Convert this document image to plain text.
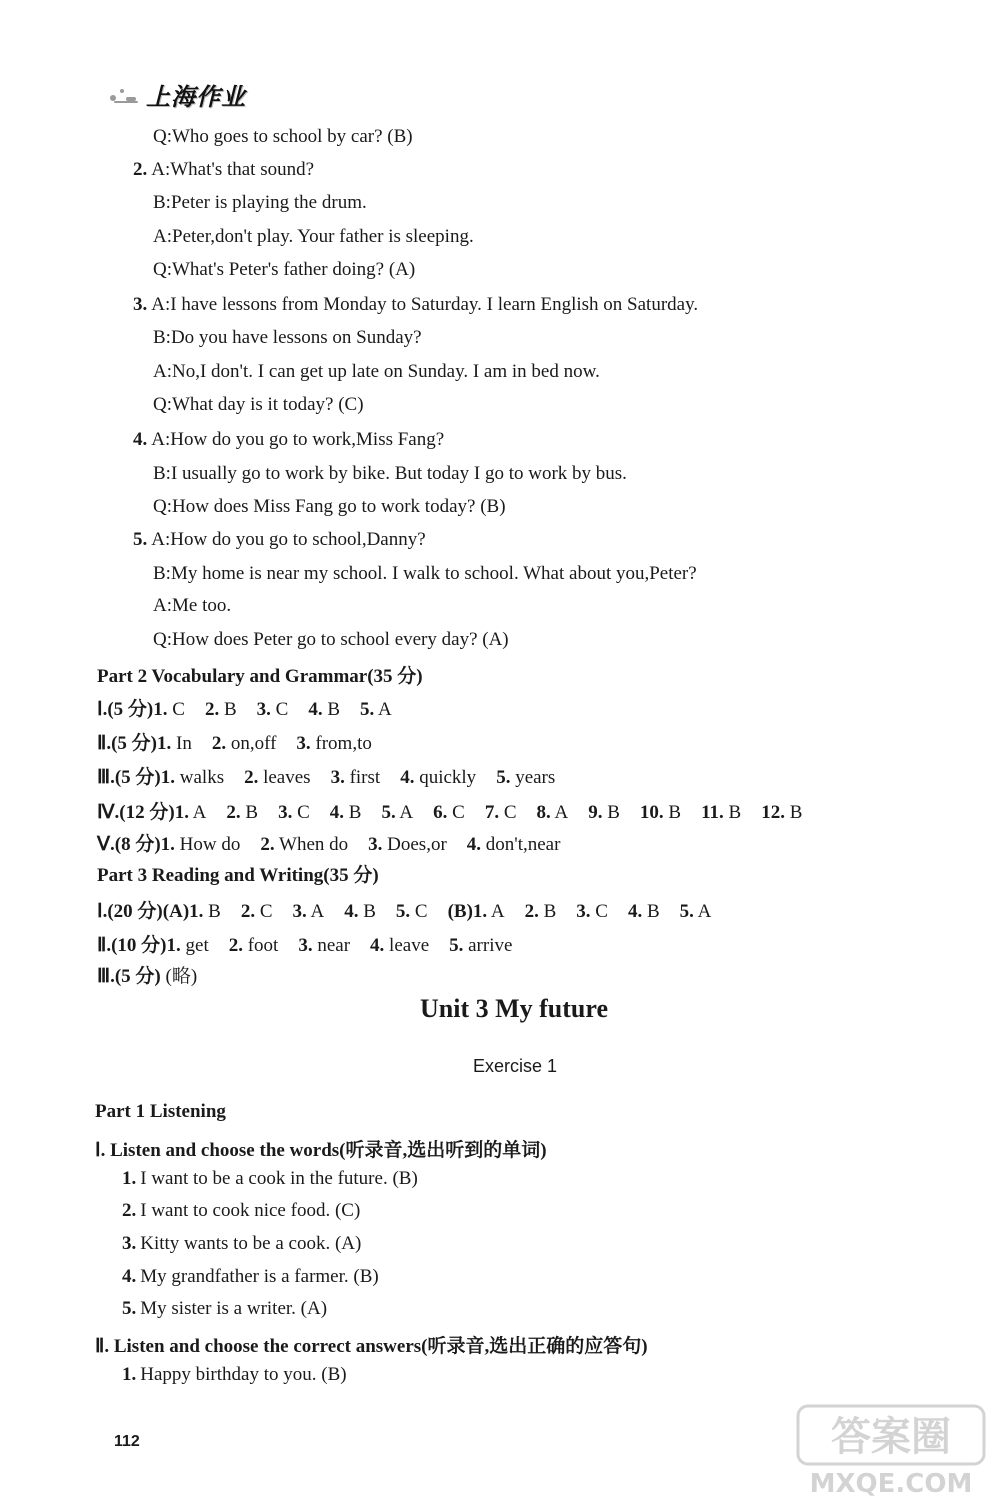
上海作业
Q:Who goes to school by car? (B)
2. A:What's that sound?
B:Peter is playing the drum.
A:Peter,don't play. Your father is sleeping.
Q:What's Peter's father doing? (A)
3. A:I have lessons from Monday to Saturday. I learn English on Saturday.
B:Do you have lessons on Sunday?
A:No,I don't. I can get up late on Sunday. I am in bed now.
Q:What day is it today? (C)
4. A:How do you go to work,Miss Fang?
B:I usually go to work by bike. But today I go to work by bus.
Q:How does Miss Fang go to work today? (B)
5. A:How do you go to school,Danny?
B:My home is near my school. I walk to school. What about you,Peter?
A:Me too.
Q:How does Peter go to school every day? (A)
Part 2 Vocabulary and Grammar(35 分)
Ⅰ.(5 分)1. C 2. B 3. C 4. B 5. A
Ⅱ.(5 分)1. In 2. on,off 3. from,to
Ⅲ.(5 分)1. walks 2. leaves 3. first 4. quickly 5. years
Ⅳ.(12 分)1. A 2. B 3. C 4. B 5. A 6. C 7. C 8. A 9. B 10. B 11. B 12. B
Ⅴ.(8 分)1. How do 2. When do 3. Does,or 4. don't,near
Part 3 Reading and Writing(35 分)
Ⅰ.(20 分)(A)1. B 2. C 3. A 4. B 5. C (B)1. A 2. B 3. C 4. B 5. A
Ⅱ.(10 分)1. get 2. foot 3. near 4. leave 5. arrive
Ⅲ.(5 分) (略)
Unit 3 My future
Exercise 1
Part 1 Listening
Ⅰ. Listen and choose the words(听录音,选出听到的单词)
1. I want to be a cook in the future. (B)
2. I want to cook nice food. (C)
3. Kitty wants to be a cook. (A)
4. My grandfather is a farmer. (B)
5. My sister is a writer. (A)
Ⅱ. Listen and choose the correct answers(听录音,选出正确的应答句)
1. Happy birthday to you. (B)
112	答案圈
MXQE.COM
